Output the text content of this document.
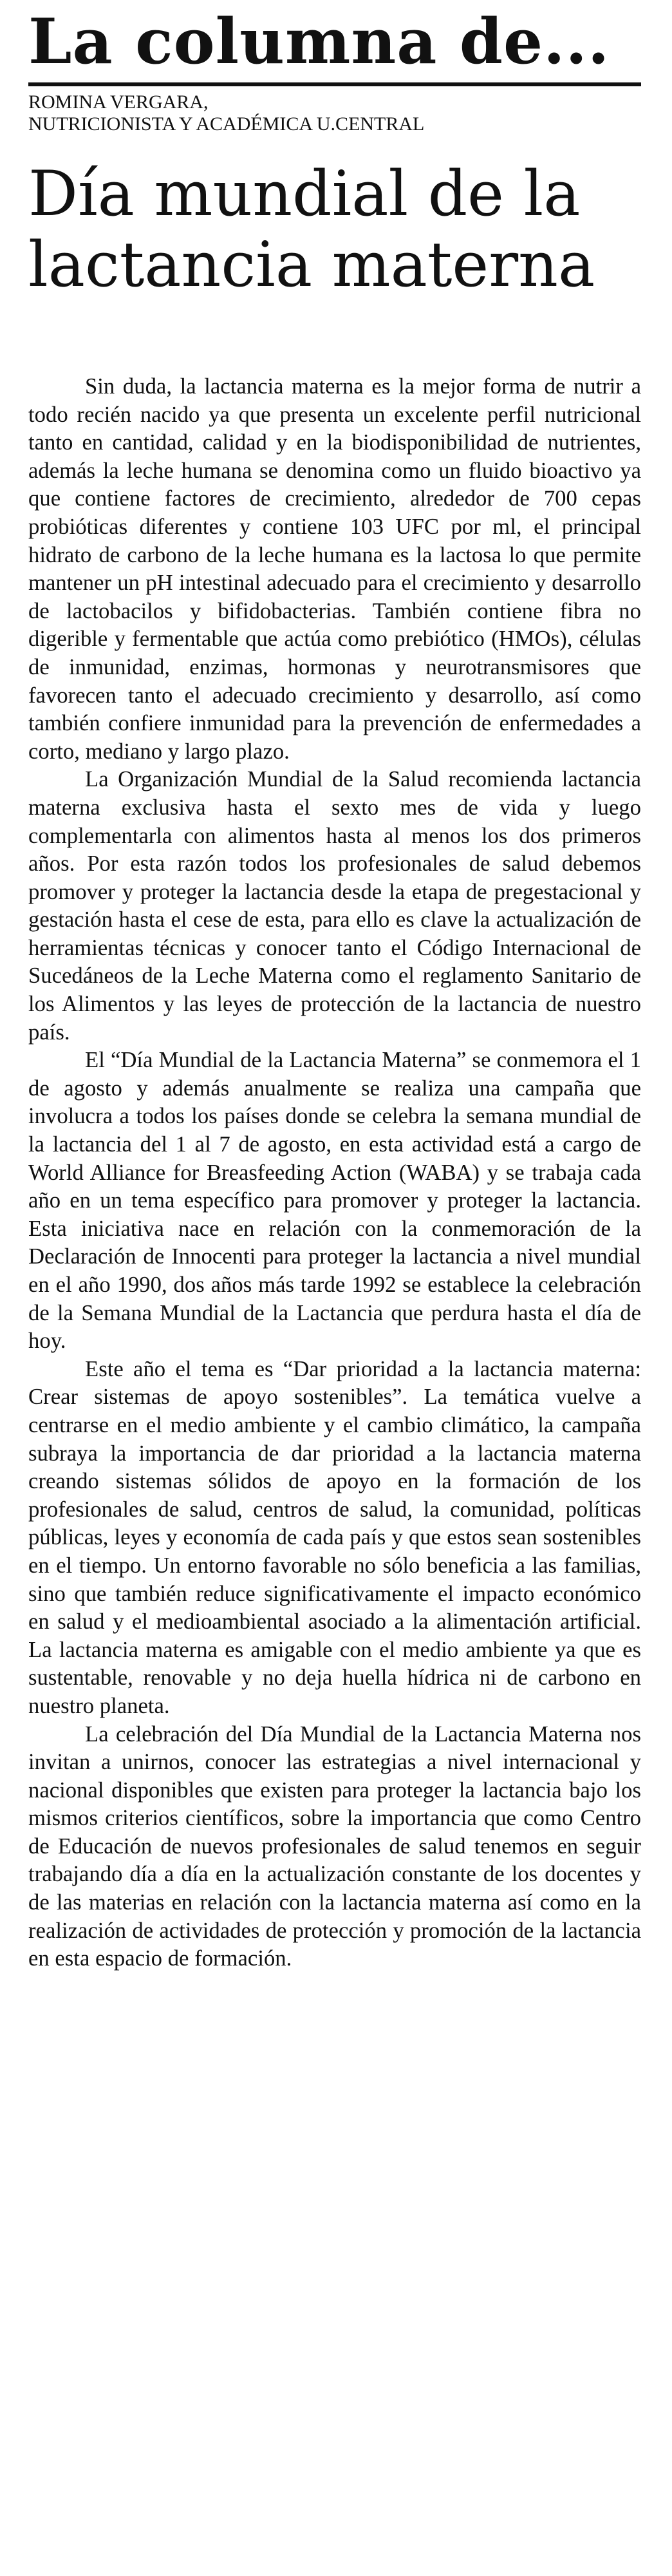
La columna de...
ROMINA VERGARA,
NUTRICIONISTA Y ACADÉMICA U.CENTRAL
Día mundial de la
lactancia materna

Sin duda, la lactancia materna es la mejor forma de nutrir a todo recién nacido ya que presenta un excelente perfil nutricional tanto en cantidad, calidad y en la biodisponibilidad de nutrientes, además la leche humana se denomina como un fluido bioactivo ya que contiene factores de crecimiento, alrededor de 700 cepas probióticas diferentes y contiene 103 UFC por ml, el principal hidrato de carbono de la leche humana es la lactosa lo que permite mantener un pH intestinal adecuado para el crecimiento y desarrollo de lactobacilos y bifidobacterias. También contiene fibra no digerible y fermentable que actúa como prebiótico (HMOs), células de inmunidad, enzimas, hormonas y neurotransmisores que favorecen tanto el adecuado crecimiento y desarrollo, así como también confiere inmunidad para la prevención de enfermedades a corto, mediano y largo plazo.

La Organización Mundial de la Salud recomienda lactancia materna exclusiva hasta el sexto mes de vida y luego complementarla con alimentos hasta al menos los dos primeros años. Por esta razón todos los profesionales de salud debemos promover y proteger la lactancia desde la etapa de pregestacional y gestación hasta el cese de esta, para ello es clave la actualización de herramientas técnicas y conocer tanto el Código Internacional de Sucedáneos de la Leche Materna como el reglamento Sanitario de los Alimentos y las leyes de protección de la lactancia de nuestro país.

El “Día Mundial de la Lactancia Materna” se conmemora el 1 de agosto y además anualmente se realiza una campaña que involucra a todos los países donde se celebra la semana mundial de la lactancia del 1 al 7 de agosto, en esta actividad está a cargo de World Alliance for Breasfeeding Action (WABA) y se trabaja cada año en un tema específico para promover y proteger la lactancia. Esta iniciativa nace en relación con la conmemoración de la Declaración de Innocenti para proteger la lactancia a nivel mundial en el año 1990, dos años más tarde 1992 se establece la celebración de la Semana Mundial de la Lactancia que perdura hasta el día de hoy.

Este año el tema es “Dar prioridad a la lactancia materna: Crear sistemas de apoyo sostenibles”. La temática vuelve a centrarse en el medio ambiente y el cambio climático, la campaña subraya la importancia de dar prioridad a la lactancia materna creando sistemas sólidos de apoyo en la formación de los profesionales de salud, centros de salud, la comunidad, políticas públicas, leyes y economía de cada país y que estos sean sostenibles en el tiempo. Un entorno favorable no sólo beneficia a las familias, sino que también reduce significativamente el impacto económico en salud y el medioambiental asociado a la alimentación artificial. La lactancia materna es amigable con el medio ambiente ya que es sustentable, renovable y no deja huella hídrica ni de carbono en nuestro planeta.

La celebración del Día Mundial de la Lactancia Materna nos invitan a unirnos, conocer las estrategias a nivel internacional y nacional disponibles que existen para proteger la lactancia bajo los mismos criterios científicos, sobre la importancia que como Centro de Educación de nuevos profesionales de salud tenemos en seguir trabajando día a día en la actualización constante de los docentes y de las materias en relación con la lactancia materna así como en la realización de actividades de protección y promoción de la lactancia en esta espacio de formación.
